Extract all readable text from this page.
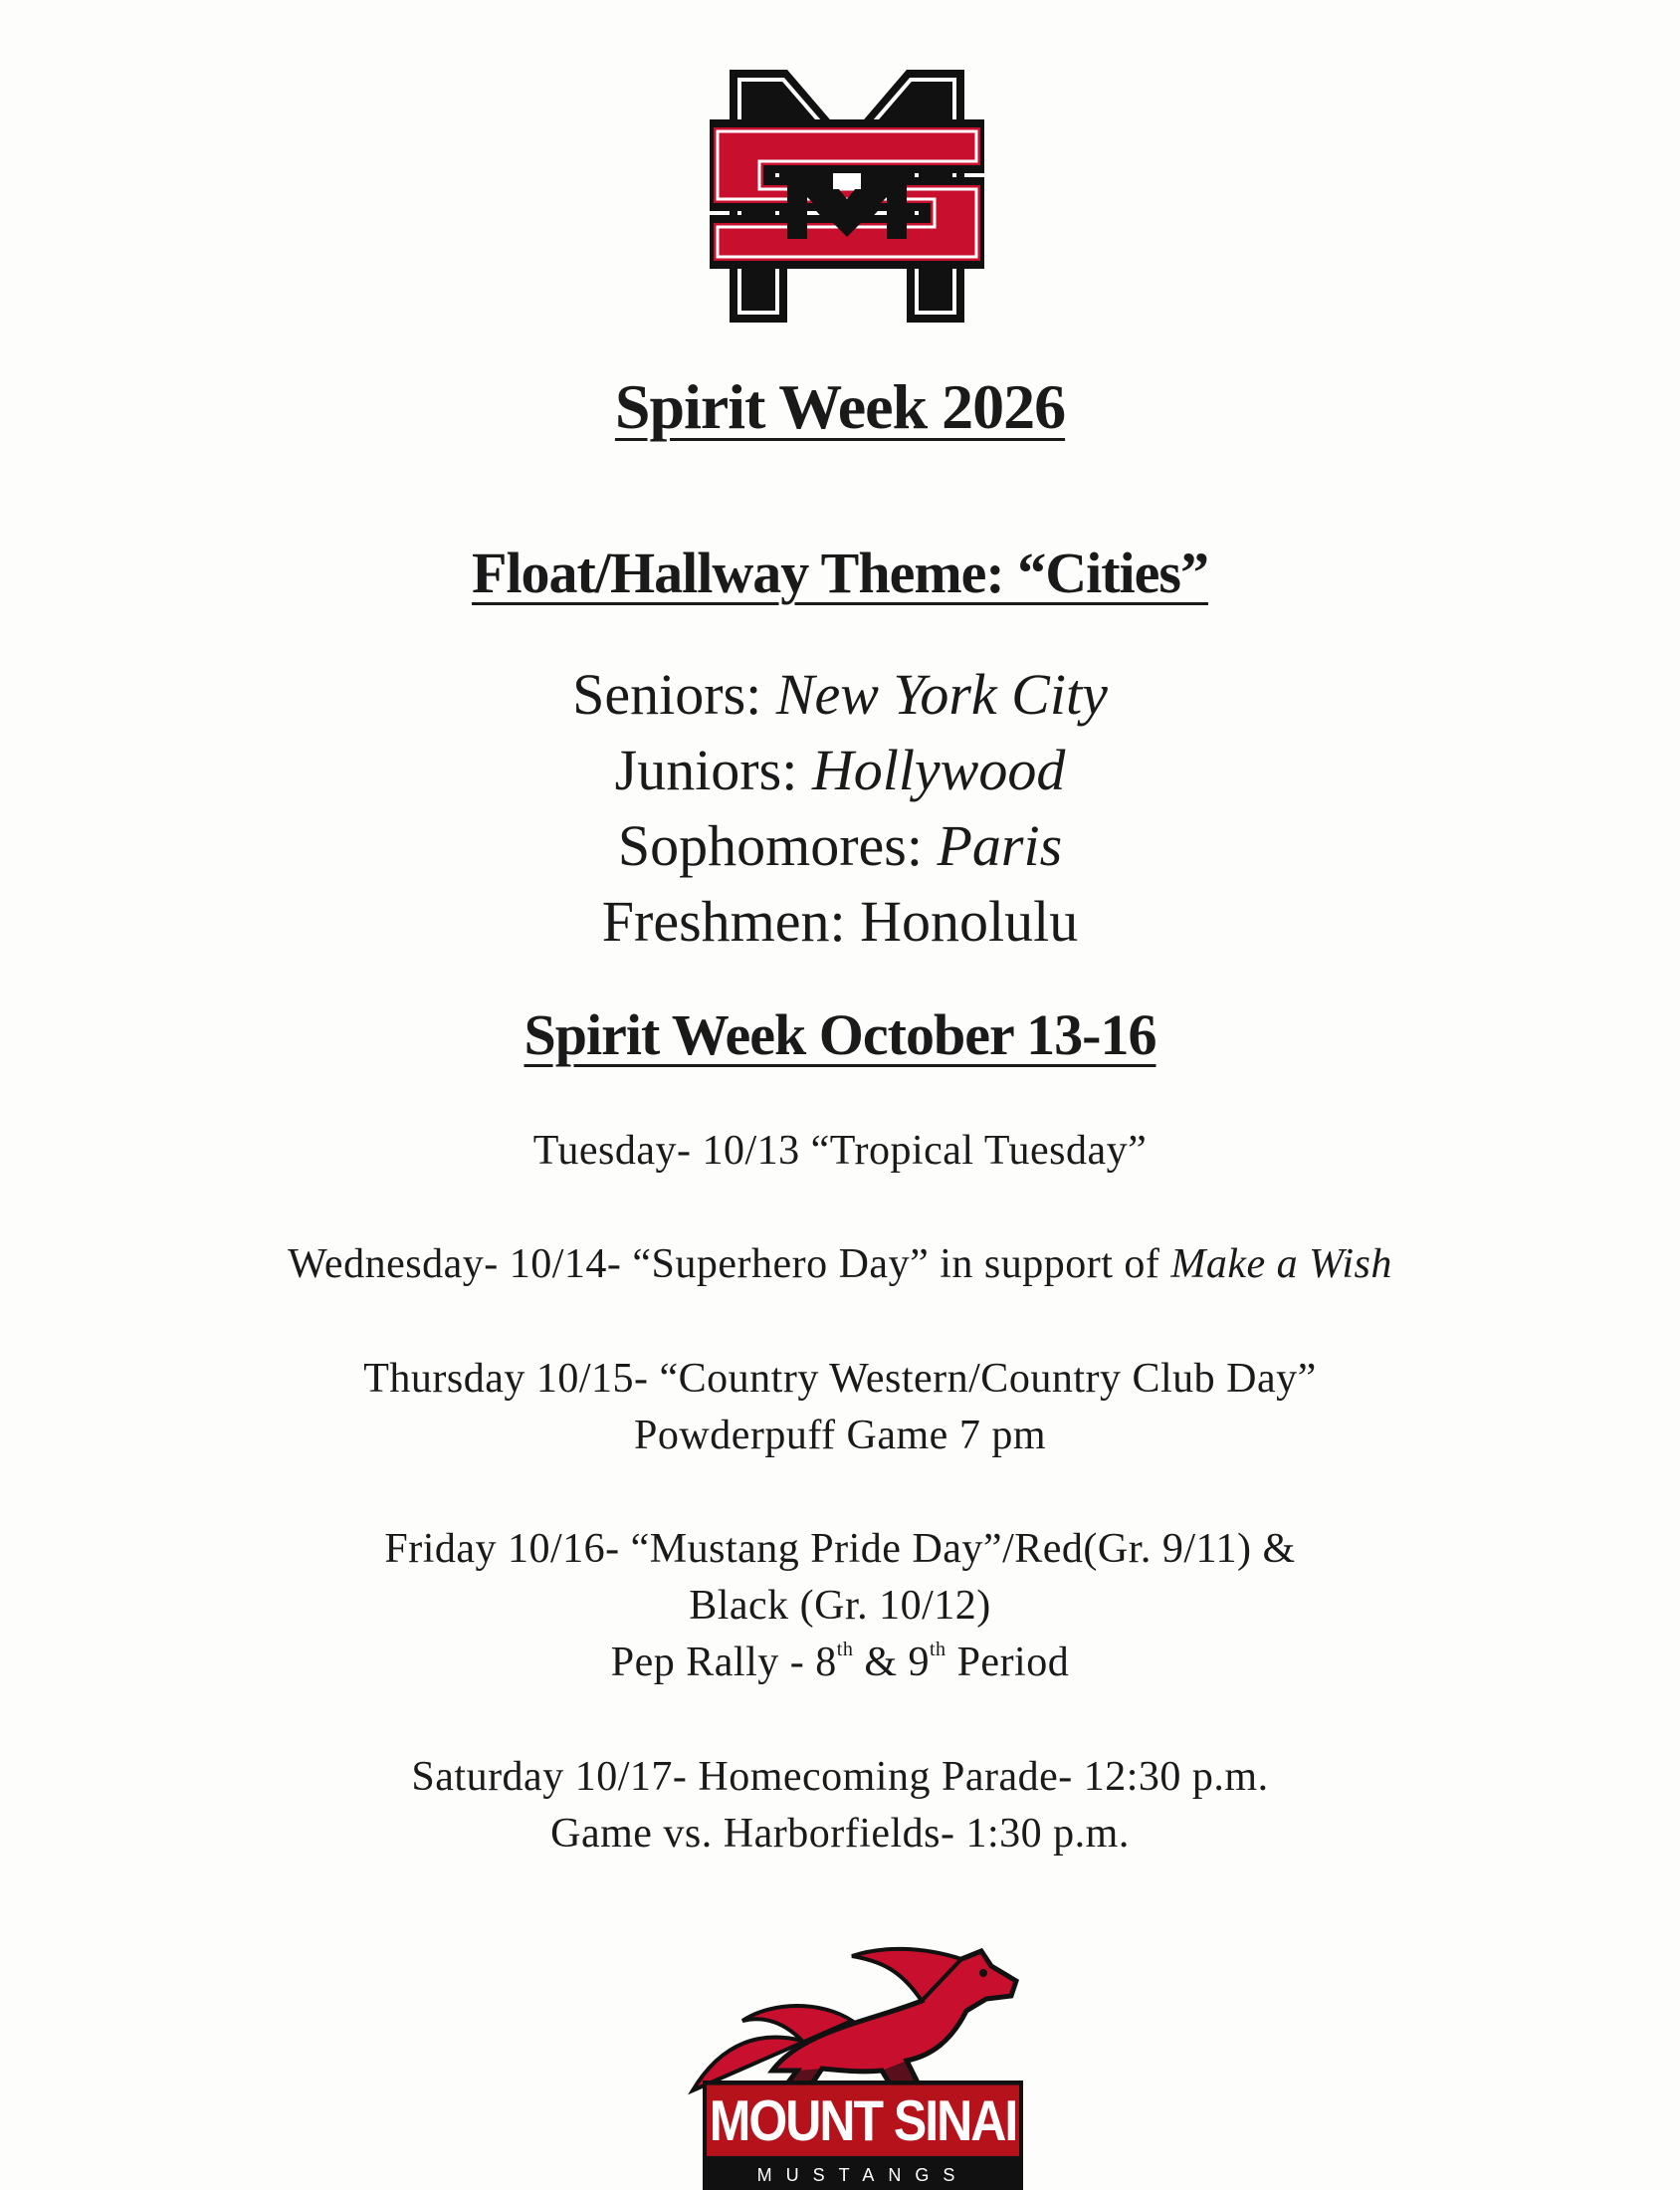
Spirit Week 2026
Float/Hallway Theme: “Cities”
Seniors: New York City
Juniors: Hollywood
Sophomores: Paris
Freshmen: Honolulu
Spirit Week October 13-16
Tuesday- 10/13 “Tropical Tuesday”
Wednesday- 10/14- “Superhero Day” in support of Make a Wish
Thursday 10/15- “Country Western/Country Club Day”
Powderpuff Game 7 pm
Friday 10/16- “Mustang Pride Day”/Red(Gr. 9/11) &
Black (Gr. 10/12)
Pep Rally - 8th & 9th Period
Saturday 10/17- Homecoming Parade- 12:30 p.m.
Game vs. Harborfields- 1:30 p.m.
MOUNT SINAI
MUSTANGS
